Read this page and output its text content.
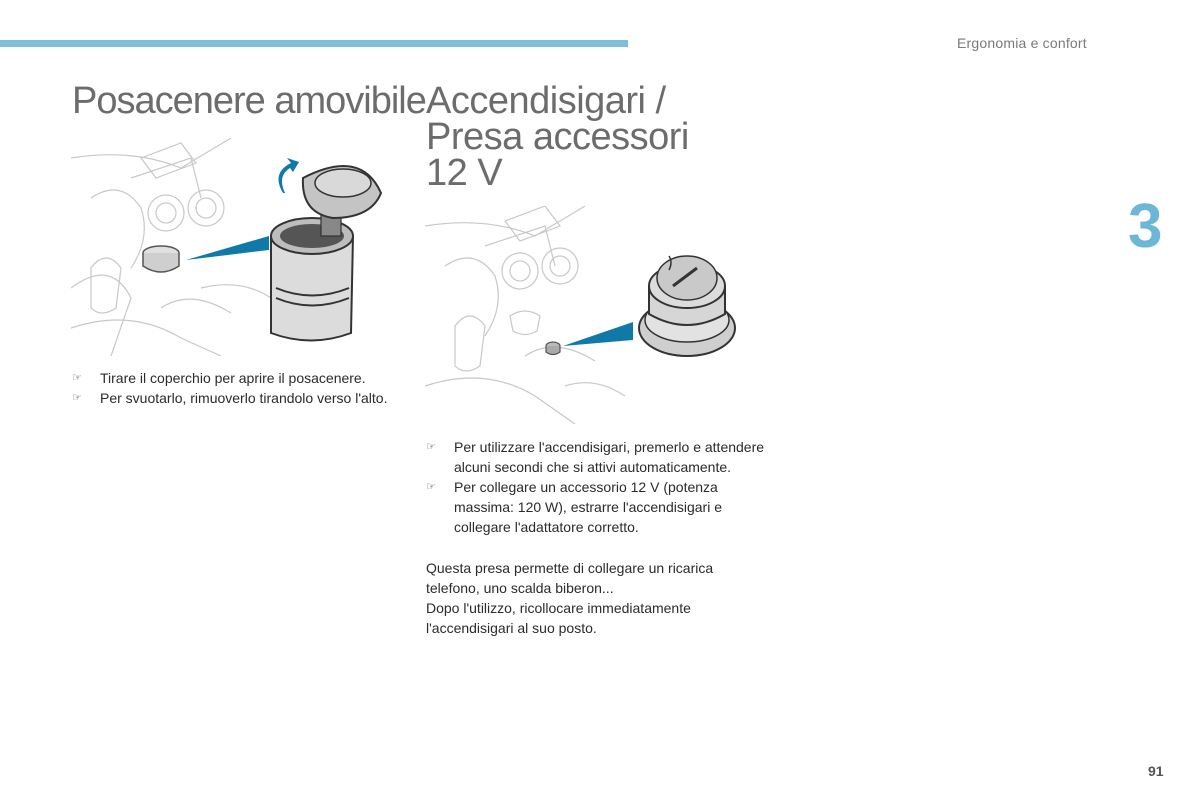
Ergonomia e confort
3
91
Posacenere amovibile
☞ Tirare il coperchio per aprire il posacenere.
☞ Per svuotarlo, rimuoverlo tirandolo verso l'alto.
Accendisigari /
Presa accessori
12 V
☞ Per utilizzare l'accendisigari, premerlo e attendere alcuni secondi che si attivi automaticamente.
☞ Per collegare un accessorio 12 V (potenza massima: 120 W), estrarre l'accendisigari e collegare l'adattatore corretto.

Questa presa permette di collegare un ricarica telefono, uno scalda biberon...

Dopo l'utilizzo, ricollocare immediatamente l'accendisigari al suo posto.
